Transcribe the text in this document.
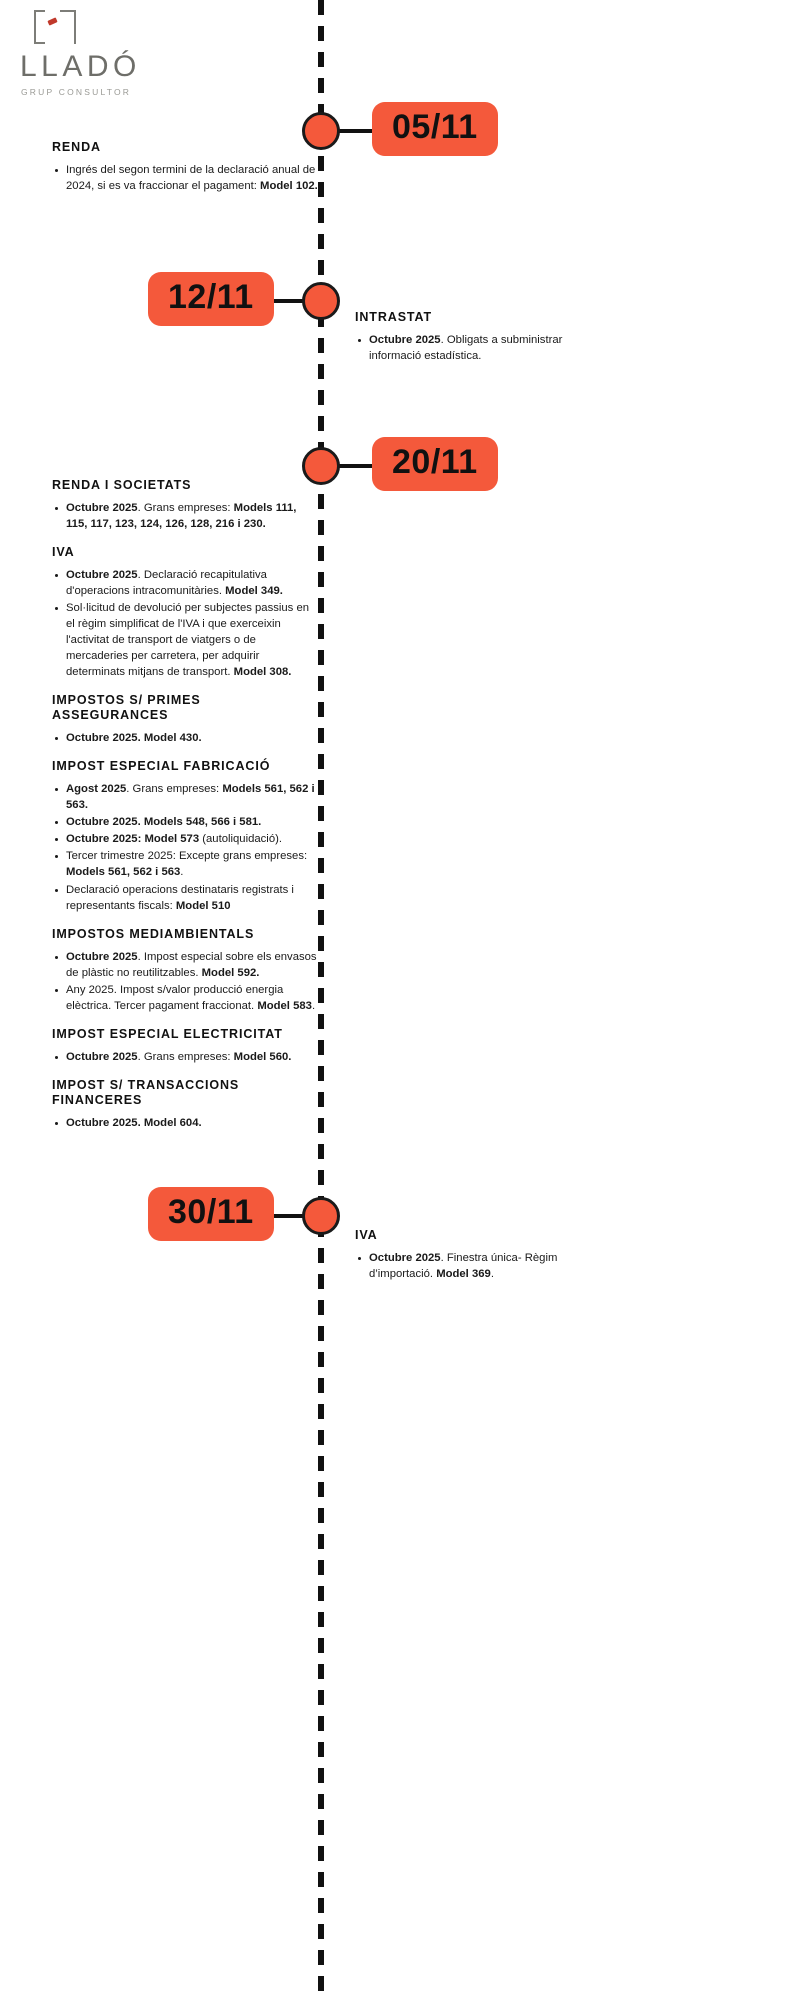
LLADÓ
GRUP CONSULTOR
05/11
RENDA
Ingrés del segon termini de la declaració anual de 2024, si es va fraccionar el pagament: Model 102.
12/11
INTRASTAT
Octubre 2025. Obligats a subministrar informació estadística.
20/11
RENDA I SOCIETATS
Octubre 2025. Grans empreses: Models 111, 115, 117, 123, 124, 126, 128, 216 i 230.
IVA
Octubre 2025. Declaració recapitulativa d'operacions intracomunitàries. Model 349.
Sol·licitud de devolució per subjectes passius en el règim simplificat de l'IVA i que exerceixin l'activitat de transport de viatgers o de mercaderies per carretera, per adquirir determinats mitjans de transport. Model 308.
IMPOSTOS S/ PRIMES ASSEGURANCES
Octubre 2025. Model 430.
IMPOST ESPECIAL FABRICACIÓ
Agost 2025. Grans empreses: Models 561, 562 i 563.
Octubre 2025. Models 548, 566 i 581.
Octubre 2025: Model 573 (autoliquidació).
Tercer trimestre 2025: Excepte grans empreses: Models 561, 562 i 563.
Declaració operacions destinataris registrats i representants fiscals: Model 510
IMPOSTOS MEDIAMBIENTALS
Octubre 2025. Impost especial sobre els envasos de plàstic no reutilitzables. Model 592.
Any 2025. Impost s/valor producció energia elèctrica. Tercer pagament fraccionat. Model 583.
IMPOST ESPECIAL ELECTRICITAT
Octubre 2025. Grans empreses: Model 560.
IMPOST S/ TRANSACCIONS FINANCERES
Octubre 2025. Model 604.
30/11
IVA
Octubre 2025. Finestra única- Règim d’importació. Model 369.
